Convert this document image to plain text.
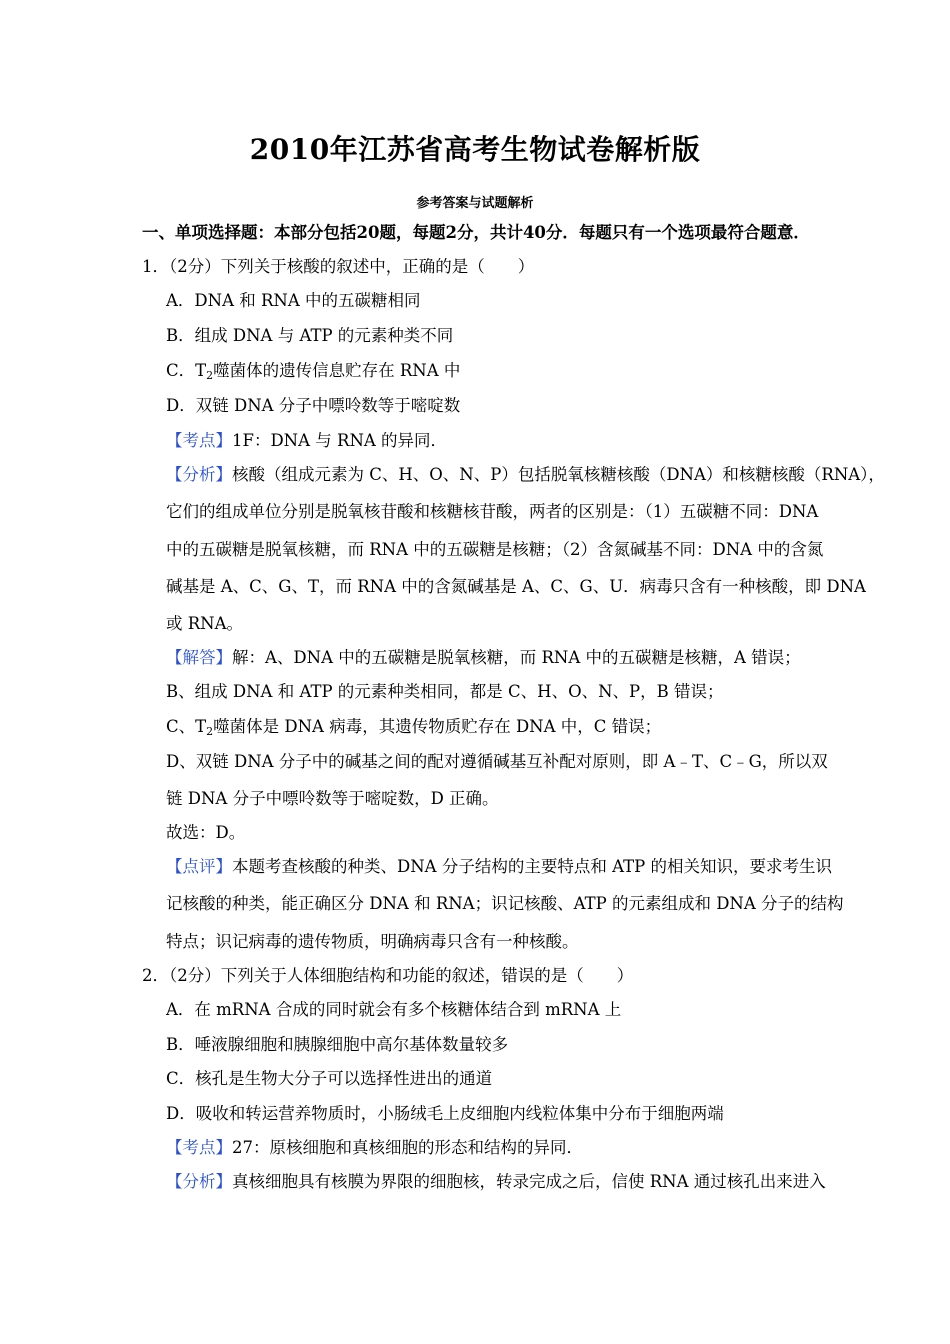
2010年江苏省高考生物试卷解析版
参考答案与试题解析
一、单项选择题：本部分包括20题，每题2分，共计40分．每题只有一个选项最符合题意．
1．（2分）下列关于核酸的叙述中，正确的是（　　）
A．DNA 和 RNA 中的五碳糖相同
B．组成 DNA 与 ATP 的元素种类不同
C．$T_2$噬菌体的遗传信息贮存在 RNA 中
D．双链 DNA 分子中嘌呤数等于嘧啶数
【考点】1F：DNA 与 RNA 的异同．
【分析】核酸（组成元素为 C、H、O、N、P）包括脱氧核糖核酸（DNA）和核糖核酸（RNA），
它们的组成单位分别是脱氧核苷酸和核糖核苷酸，两者的区别是：（1）五碳糖不同：DNA
中的五碳糖是脱氧核糖，而 RNA 中的五碳糖是核糖；（2）含氮碱基不同：DNA 中的含氮
碱基是 A、C、G、T，而 RNA 中的含氮碱基是 A、C、G、U．病毒只含有一种核酸，即 DNA
或 RNA。
【解答】解：A、DNA 中的五碳糖是脱氧核糖，而 RNA 中的五碳糖是核糖，A 错误；
B、组成 DNA 和 ATP 的元素种类相同，都是 C、H、O、N、P，B 错误；
C、$T_2$噬菌体是 DNA 病毒，其遗传物质贮存在 DNA 中，C 错误；
D、双链 DNA 分子中的碱基之间的配对遵循碱基互补配对原则，即 A﹣T、C﹣G，所以双
链 DNA 分子中嘌呤数等于嘧啶数，D 正确。
故选：D。
【点评】本题考查核酸的种类、DNA 分子结构的主要特点和 ATP 的相关知识，要求考生识
记核酸的种类，能正确区分 DNA 和 RNA；识记核酸、ATP 的元素组成和 DNA 分子的结构
特点；识记病毒的遗传物质，明确病毒只含有一种核酸。
2．（2分）下列关于人体细胞结构和功能的叙述，错误的是（　　）
A．在 mRNA 合成的同时就会有多个核糖体结合到 mRNA 上
B．唾液腺细胞和胰腺细胞中高尔基体数量较多
C．核孔是生物大分子可以选择性进出的通道
D．吸收和转运营养物质时，小肠绒毛上皮细胞内线粒体集中分布于细胞两端
【考点】27：原核细胞和真核细胞的形态和结构的异同．
【分析】真核细胞具有核膜为界限的细胞核，转录完成之后，信使 RNA 通过核孔出来进入
